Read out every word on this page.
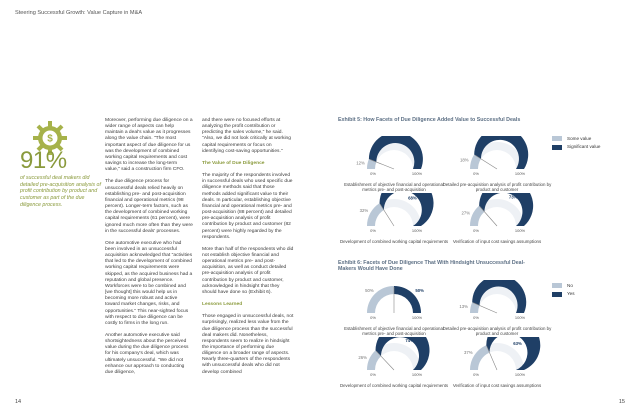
Steering Successful Growth: Value Capture in M&A
$
91%
of successful deal makers did detailed pre-acquisition analysis of profit contribution by product and customer as part of the due diligence process.

Moreover, performing due diligence on a wider range of aspects can help maintain a deal's value as it progresses along the value chain. "The most important aspect of due diligence for us was the development of combined working capital requirements and cost savings to increase the long-term value," said a construction firm CFO.

The due diligence process for unsuccessful deals relied heavily on establishing pre- and post-acquisition financial and operational metrics (98 percent). Longer-term factors, such as the development of combined working capital requirements (61 percent), were ignored much more often than they were in the successful deals' processes.

One automotive executive who had been involved in an unsuccessful acquisition acknowledged that "activities that led to the development of combined working capital requirements were skipped, as the acquired business had a reputation and global presence. Workforces were to be combined and [we thought] this would help us in becoming more robust and active toward market changes, risks, and opportunities." This near-sighted focus with respect to due diligence can be costly to firms in the long run.

Another automotive executive said shortsightedness about the perceived value during the due diligence process for his company's deal, which was ultimately unsuccessful. "We did not enhance our approach to conducting due diligence,

and there were no focused efforts at analyzing the profit contribution or predicting the sales volume," he said. "Also, we did not look critically at working capital requirements or focus on identifying cost-saving opportunities."

The Value of Due Diligence

The majority of the respondents involved in successful deals who used specific due diligence methods said that those methods added significant value to their deals. In particular, establishing objective financial and operational metrics pre- and post-acquisition (88 percent) and detailed pre-acquisition analysis of profit contribution by product and customer (82 percent) were highly regarded by the respondents.

More than half of the respondents who did not establish objective financial and operational metrics pre- and post-acquisition, as well as conduct detailed pre-acquisition analysis of profit contribution by product and customer, acknowledged in hindsight that they should have done so (Exhibit 6).

Lessons Learned

Those engaged in unsuccessful deals, not surprisingly, realized less value from the due diligence process than the successful deal makers did. Nonetheless, respondents seem to realize in hindsight the importance of performing due diligence on a broader range of aspects. Nearly three-quarters of the respondents with unsuccessful deals who did not develop combined

Exhibit 5: How Facets of Due Diligence Added Value to Successful Deals
Some value
Significant value
Exhibit 6: Facets of Due Diligence That With Hindsight Unsuccessful Deal-Makers Would Have Done
No
Yes
12%
88%
0%	100%
Establishment of objective financial and operational metrics pre- and post-acquisition
18%
82%
0%	100%
Detailed pre-acquisition analysis of profit contribution by product and customer
32%
68%
0%	100%
Development of combined working capital requirements
27%
73%
0%	100%
Verification of input cost savings assumptions
50%	50%
0%	100%
Establishment of objective financial and operational metrics pre- and post-acquisition
13%
87%
0%	100%
Detailed pre-acquisition analysis of profit contribution by product and customer
26%
74%
0%	100%
Development of combined working capital requirements
37%
63%
0%	100%
Verification of input cost savings assumptions
14	15
